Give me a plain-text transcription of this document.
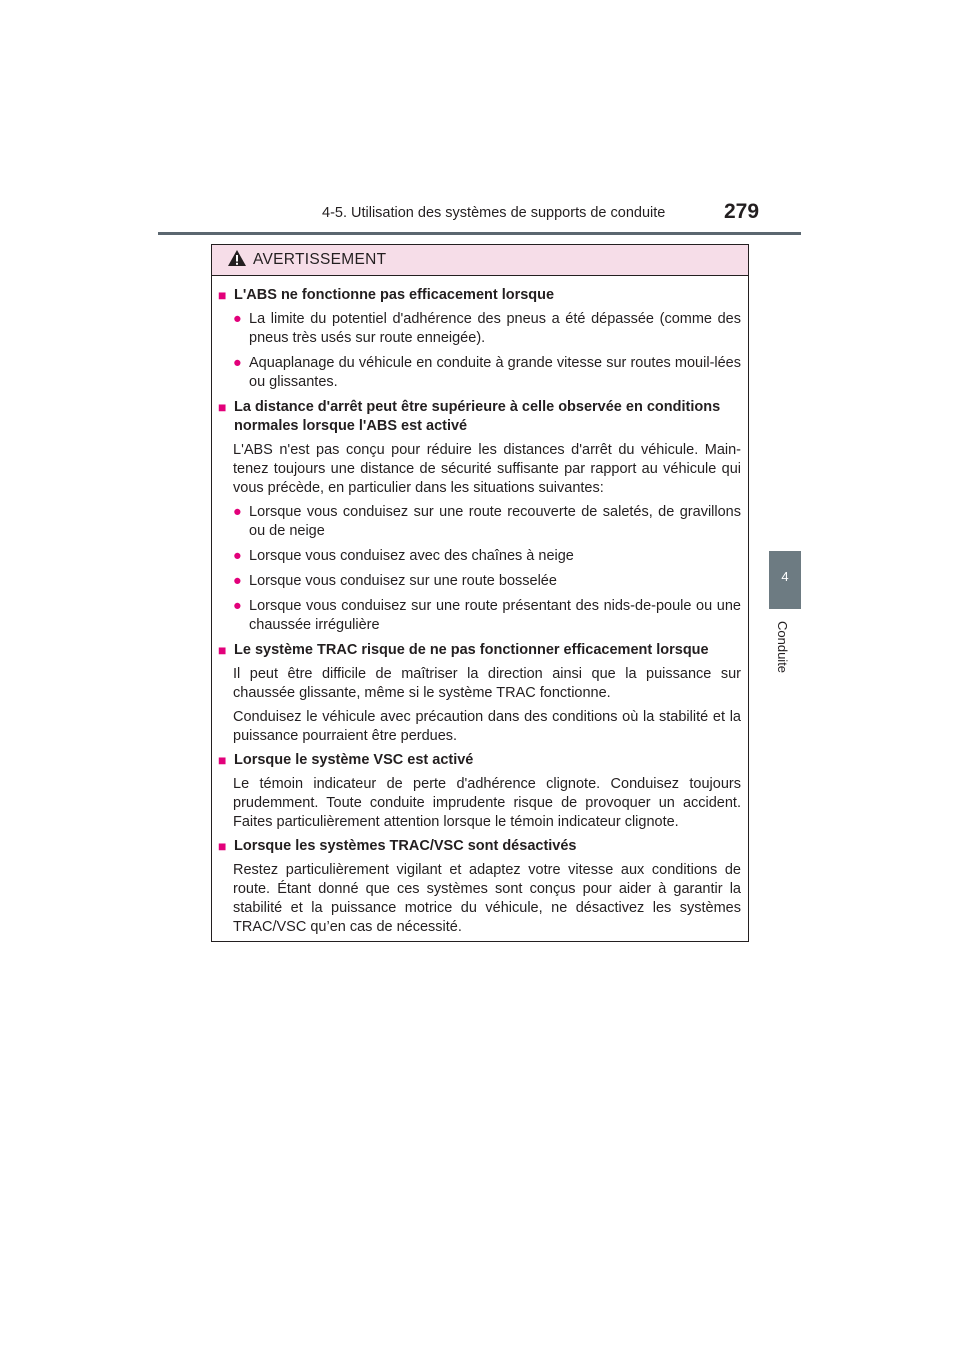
4-5. Utilisation des systèmes de supports de conduite	279
4
Conduite
AVERTISSEMENT
■ L'ABS ne fonctionne pas efficacement lorsque
● La limite du potentiel d'adhérence des pneus a été dépassée (comme des pneus très usés sur route enneigée).
● Aquaplanage du véhicule en conduite à grande vitesse sur routes mouil-lées ou glissantes.
■ La distance d'arrêt peut être supérieure à celle observée en conditions normales lorsque l'ABS est activé
L'ABS n'est pas conçu pour réduire les distances d'arrêt du véhicule. Main-tenez toujours une distance de sécurité suffisante par rapport au véhicule qui vous précède, en particulier dans les situations suivantes:
● Lorsque vous conduisez sur une route recouverte de saletés, de gravillons ou de neige
● Lorsque vous conduisez avec des chaînes à neige
● Lorsque vous conduisez sur une route bosselée
● Lorsque vous conduisez sur une route présentant des nids-de-poule ou une chaussée irrégulière
■ Le système TRAC risque de ne pas fonctionner efficacement lorsque
Il peut être difficile de maîtriser la direction ainsi que la puissance sur chaussée glissante, même si le système TRAC fonctionne.
Conduisez le véhicule avec précaution dans des conditions où la stabilité et la puissance pourraient être perdues.
■ Lorsque le système VSC est activé
Le témoin indicateur de perte d'adhérence clignote. Conduisez toujours prudemment. Toute conduite imprudente risque de provoquer un accident. Faites particulièrement attention lorsque le témoin indicateur clignote.
■ Lorsque les systèmes TRAC/VSC sont désactivés
Restez particulièrement vigilant et adaptez votre vitesse aux conditions de route. Étant donné que ces systèmes sont conçus pour aider à garantir la stabilité et la puissance motrice du véhicule, ne désactivez les systèmes TRAC/VSC qu’en cas de nécessité.
